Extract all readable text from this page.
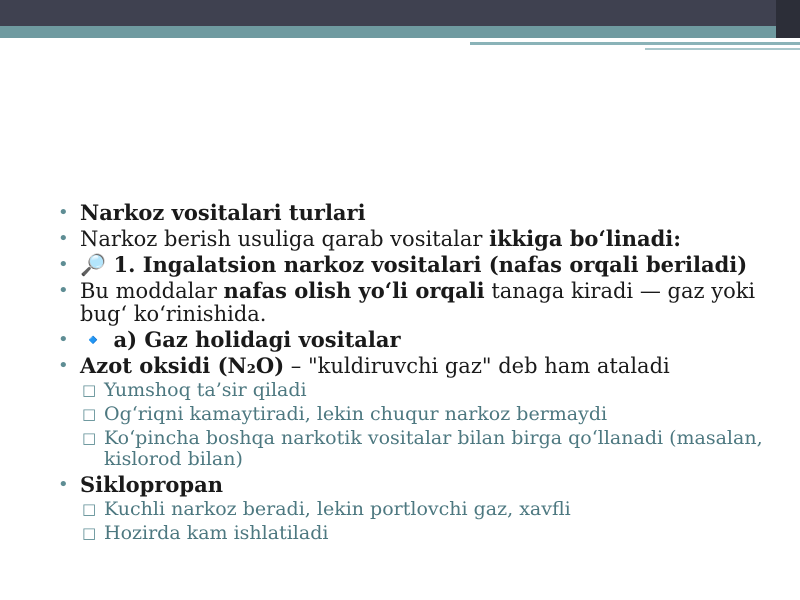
• Narkoz vositalari turlari
• Narkoz berish usuliga qarab vositalar ikkiga bo‘linadi:
• 🔎 1. Ingalatsion narkoz vositalari (nafas orqali beriladi)
• Bu moddalar nafas olish yo‘li orqali tanaga kiradi — gaz yoki bug‘ ko‘rinishida.
• 🔹 a) Gaz holidagi vositalar
• Azot oksidi (N₂O) – "kuldiruvchi gaz" deb ham ataladi
□ Yumshoq ta’sir qiladi
□ Og‘riqni kamaytiradi, lekin chuqur narkoz bermaydi
□ Ko‘pincha boshqa narkotik vositalar bilan birga qo‘llanadi (masalan, kislorod bilan)
• Siklopropan
□ Kuchli narkoz beradi, lekin portlovchi gaz, xavfli
□ Hozirda kam ishlatiladi
